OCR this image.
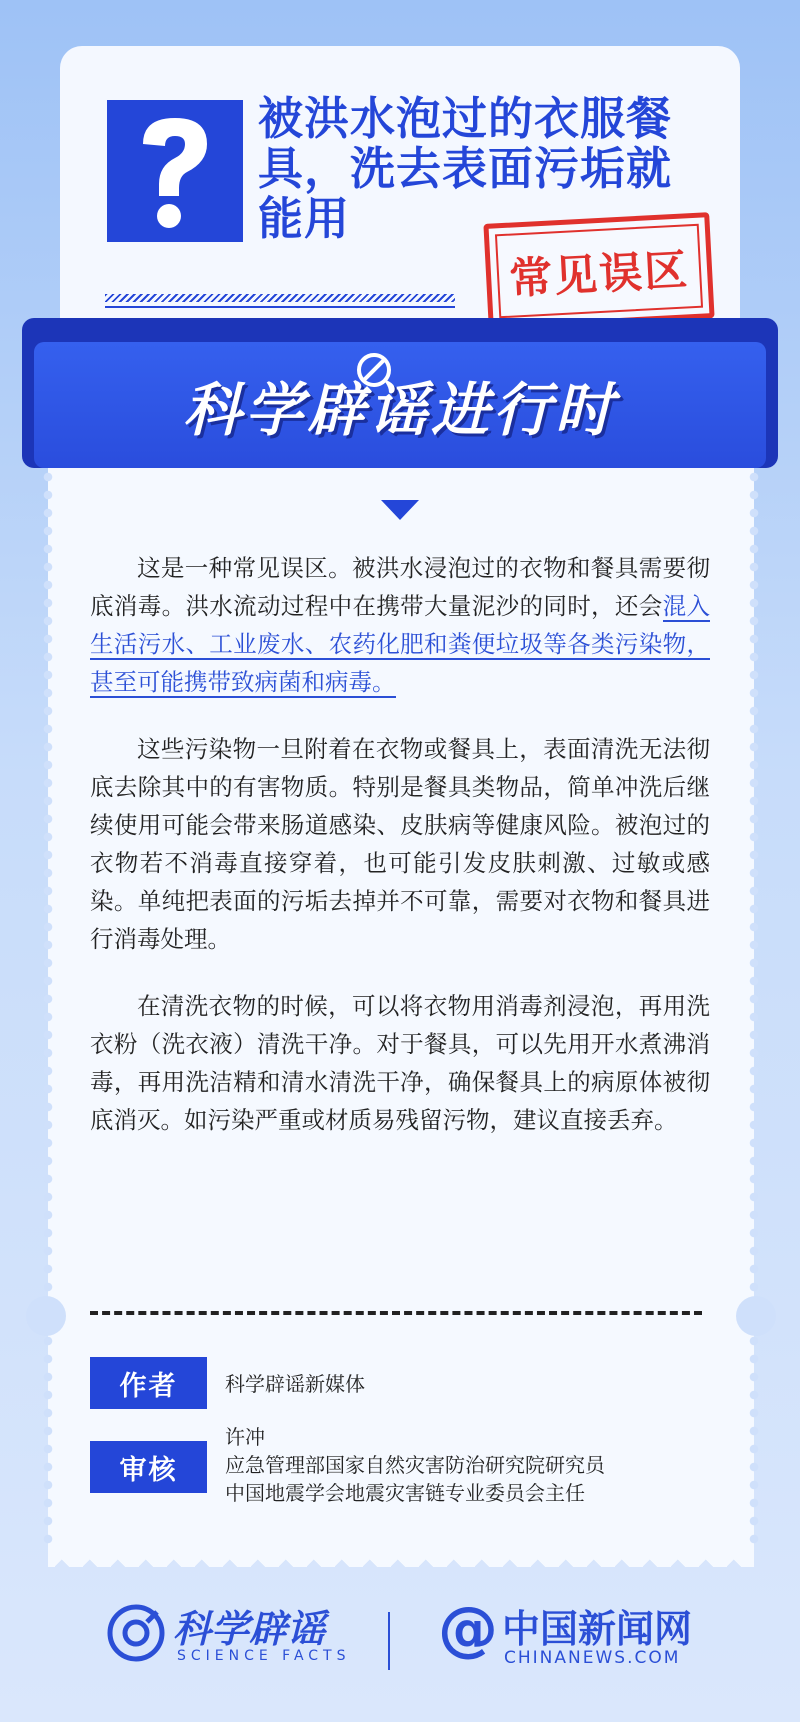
被洪水泡过的衣服餐具，洗去表面污垢就能用
常见误区
科学辟谣进行时

这是一种常见误区。被洪水浸泡过的衣物和餐具需要彻底消毒。洪水流动过程中在携带大量泥沙的同时，还会混入生活污水、工业废水、农药化肥和粪便垃圾等各类污染物，甚至可能携带致病菌和病毒。

这些污染物一旦附着在衣物或餐具上，表面清洗无法彻底去除其中的有害物质。特别是餐具类物品，简单冲洗后继续使用可能会带来肠道感染、皮肤病等健康风险。被泡过的衣物若不消毒直接穿着，也可能引发皮肤刺激、过敏或感染。单纯把表面的污垢去掉并不可靠，需要对衣物和餐具进行消毒处理。

在清洗衣物的时候，可以将衣物用消毒剂浸泡，再用洗衣粉（洗衣液）清洗干净。对于餐具，可以先用开水煮沸消毒，再用洗洁精和清水清洗干净，确保餐具上的病原体被彻底消灭。如污染严重或材质易残留污物，建议直接丢弃。

作者	科学辟谣新媒体
审核
许冲
应急管理部国家自然灾害防治研究院研究员
中国地震学会地震灾害链专业委员会主任
科学辟谣
SCIENCE FACTS @ 中国新闻网
CHINANEWS.COM
